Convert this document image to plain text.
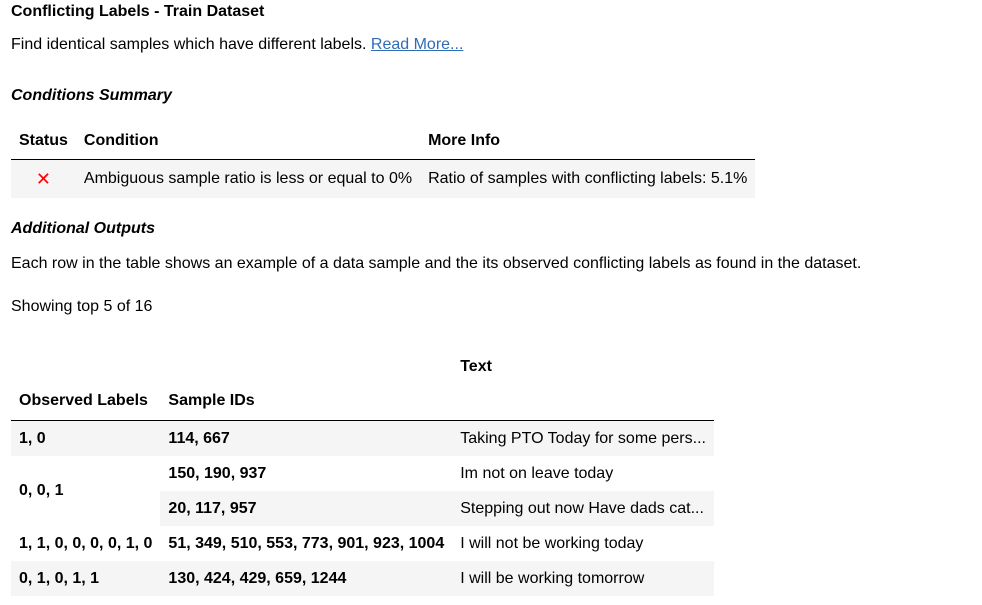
Conflicting Labels - Train Dataset
Find identical samples which have different labels. Read More...
Conditions Summary
Status	Condition	More Info
✕	Ambiguous sample ratio is less or equal to 0%	Ratio of samples with conflicting labels: 5.1%
Additional Outputs
Each row in the table shows an example of a data sample and the its observed conflicting labels as found in the dataset.
Showing top 5 of 16
		Text
Observed Labels	Sample IDs	
1, 0	114, 667	Taking PTO Today for some pers...
0, 0, 1	150, 190, 937	Im not on leave today
	20, 117, 957	Stepping out now Have dads cat...
1, 1, 0, 0, 0, 0, 1, 0	51, 349, 510, 553, 773, 901, 923, 1004	I will not be working today
0, 1, 0, 1, 1	130, 424, 429, 659, 1244	I will be working tomorrow
